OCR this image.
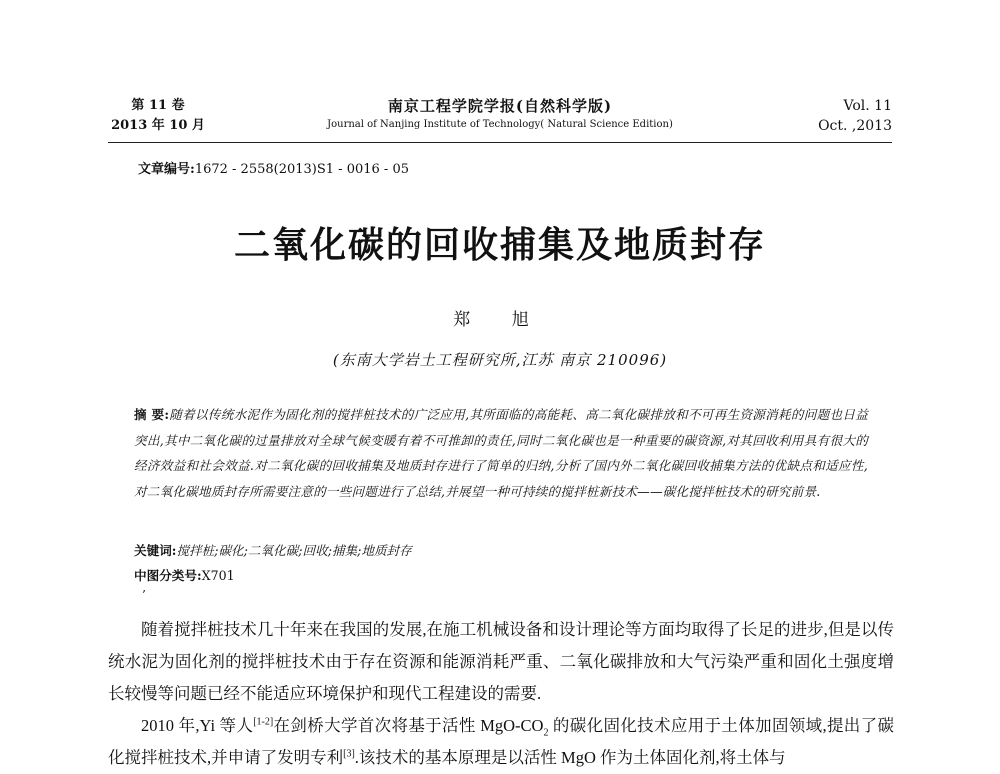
第 11 卷
2013 年 10 月
南京工程学院学报(自然科学版)
Journal of Nanjing Institute of Technology( Natural Science Edition)
Vol. 11
Oct. ,2013
文章编号:1672 - 2558(2013)S1 - 0016 - 05
二氧化碳的回收捕集及地质封存
郑 旭
(东南大学岩土工程研究所,江苏 南京 210096)
摘 要:随着以传统水泥作为固化剂的搅拌桩技术的广泛应用,其所面临的高能耗、高二氧化碳排放和不可再生资源消耗的问题也日益突出,其中二氧化碳的过量排放对全球气候变暖有着不可推卸的责任,同时二氧化碳也是一种重要的碳资源,对其回收利用具有很大的经济效益和社会效益.对二氧化碳的回收捕集及地质封存进行了简单的归纳,分析了国内外二氧化碳回收捕集方法的优缺点和适应性,对二氧化碳地质封存所需要注意的一些问题进行了总结,并展望一种可持续的搅拌桩新技术——碳化搅拌桩技术的研究前景.
关键词:搅拌桩;碳化;二氧化碳;回收;捕集;地质封存
中图分类号:X701
’

随着搅拌桩技术几十年来在我国的发展,在施工机械设备和设计理论等方面均取得了长足的进步,但是以传统水泥为固化剂的搅拌桩技术由于存在资源和能源消耗严重、二氧化碳排放和大气污染严重和固化土强度增长较慢等问题已经不能适应环境保护和现代工程建设的需要.

2010 年,Yi 等人[1-2]在剑桥大学首次将基于活性 MgO-$CO_2$ 的碳化固化技术应用于土体加固领域,提出了碳化搅拌桩技术,并申请了发明专利[3].该技术的基本原理是以活性 MgO 作为土体固化剂,将土体与
